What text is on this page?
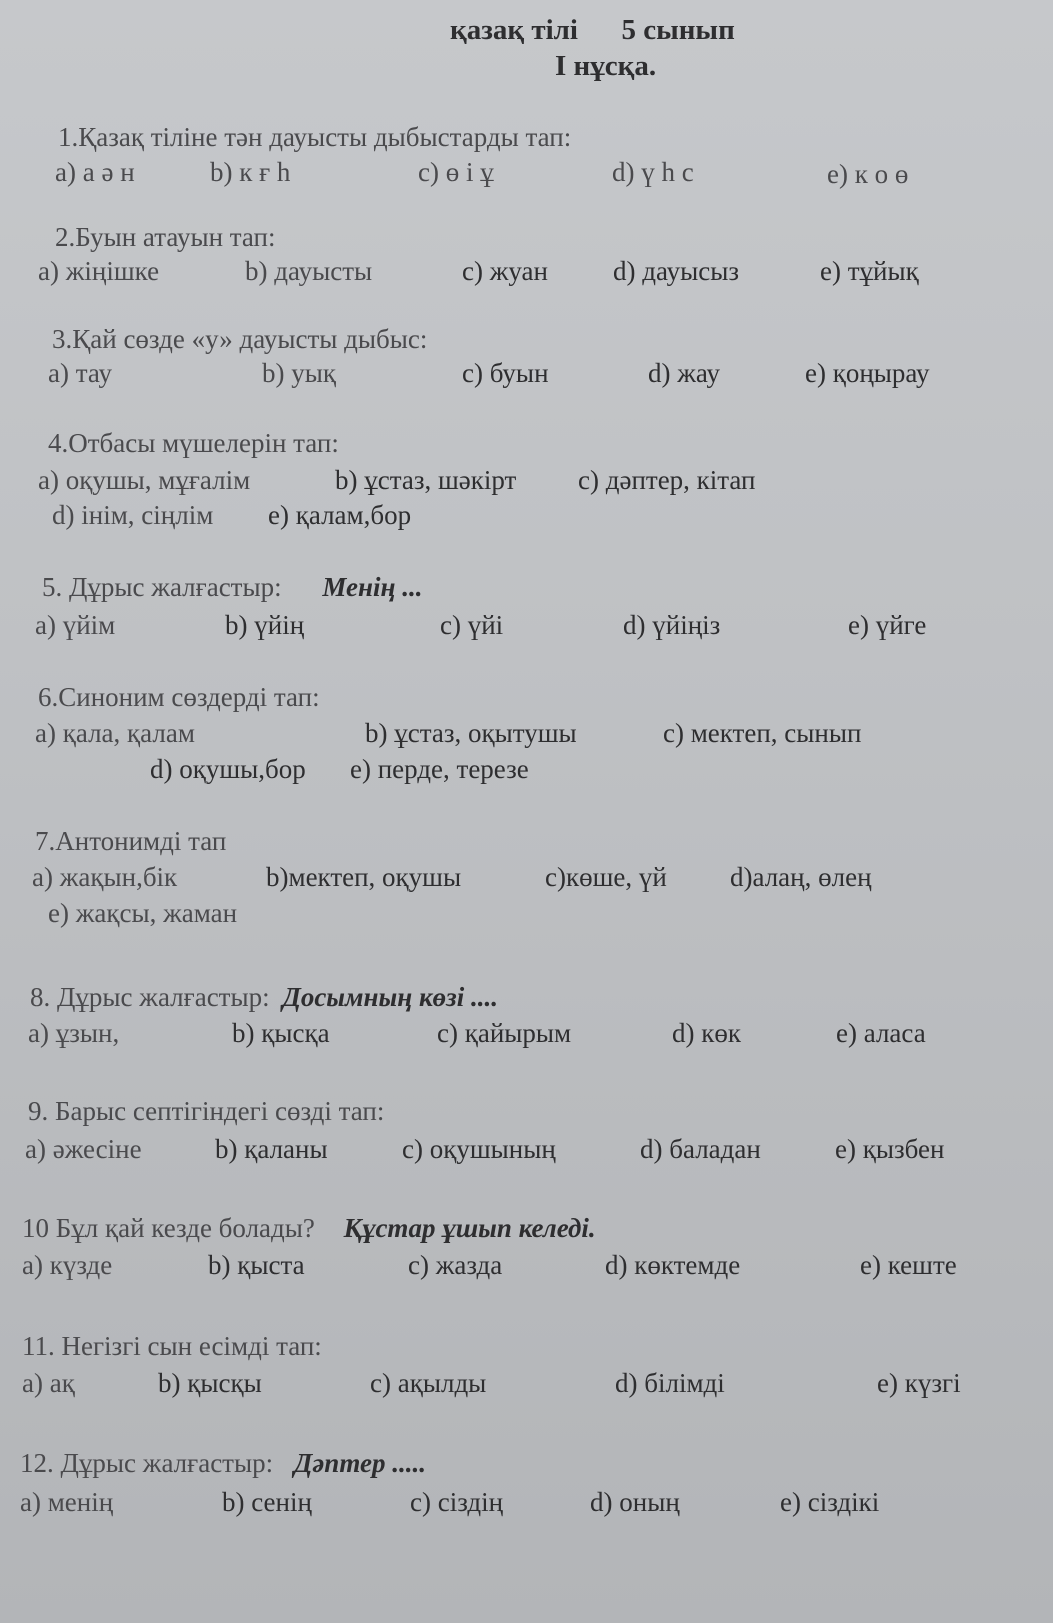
қазақ тілі      5 сынып
І нұсқа.
1.Қазақ тіліне тән дауысты дыбыстарды тап:
а) а ә н	b) к ғ h	c) ө і ұ	d) ү h c	e) к о ө
2.Буын атауын тап:
а) жіңішке	b) дауысты	c) жуан d) дауысыз	e) тұйық
3.Қай сөзде «у» дауысты дыбыс:
а) тау	b) уық	c) буын	d) жау	e) қоңырау
4.Отбасы мүшелерін тап:
а) оқушы, мұғалім	b) ұстаз, шәкірт c) дәптер, кітап
d) інім, сіңлім e) қалам,бор
5. Дұрыс жалғастыр: Менің ...
а) үйім	b) үйің	c) үйі	d) үйіңіз	e) үйге
6.Синоним сөздерді тап:
а) қала, қалам	b) ұстаз, оқытушы	c) мектеп, сынып
d) оқушы,бор e) перде, терезе
7.Антонимді тап
а) жақын,бік	b)мектеп, оқушы	c)көше, үй d)алаң, өлең
e) жақсы, жаман
8. Дұрыс жалғастыр: Досымның көзі ....
а) ұзын,	b) қысқа	c) қайырым	d) көк	e) аласа
9. Барыс септігіндегі сөзді тап:
а) әжесіне	b) қаланы	c) оқушының	d) баладан	e) қызбен
10 Бұл қай кезде болады? Құстар ұшып келеді.
а) күзде	b) қыста	c) жазда	d) көктемде	e) кеште
11. Негізгі сын есімді тап:
а) ақ	b) қысқы	c) ақылды	d) білімді	e) күзгі
12. Дұрыс жалғастыр: Дәптер .....
а) менің	b) сенің	c) сіздің	d) оның	e) сіздікі
